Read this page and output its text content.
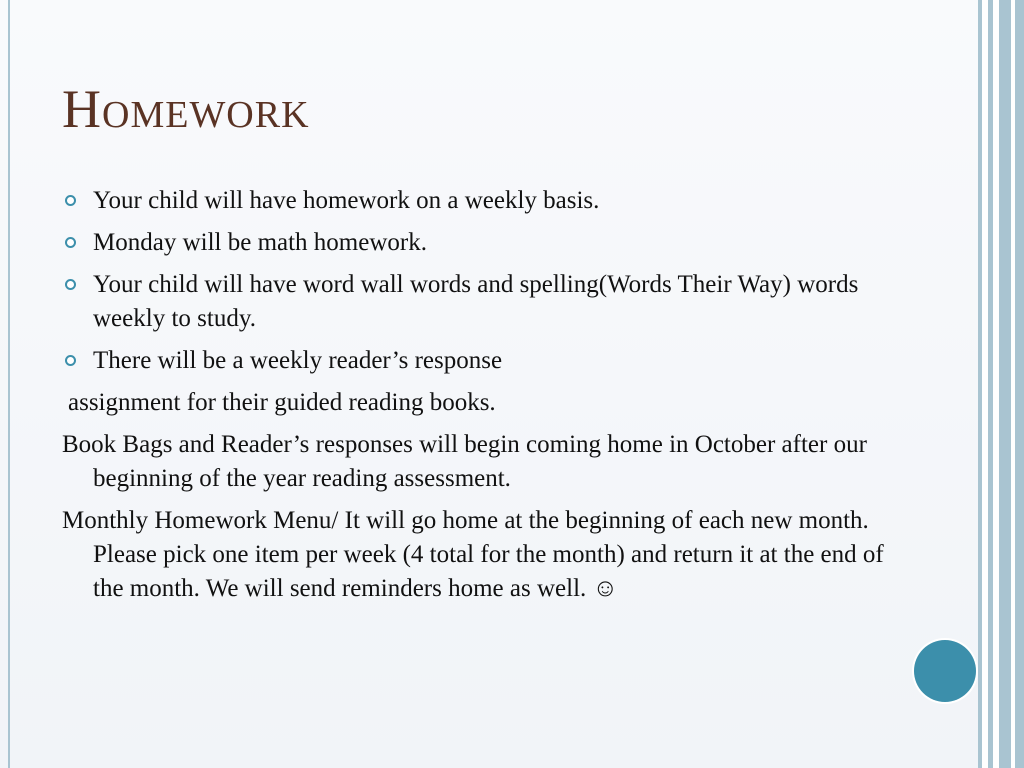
Homework
Your child will have homework on a weekly basis.
Monday will be math homework.
Your child will have word wall words and spelling(Words Their Way) words weekly to study.
There will be a weekly reader’s response
assignment for their guided reading books.
Book Bags and Reader’s responses will begin coming home in October after our beginning of the year reading assessment.
Monthly Homework Menu/ It will go home at the beginning of each new month. Please pick one item per week (4 total for the month) and return it at the end of the month. We will send reminders home as well. ☺
